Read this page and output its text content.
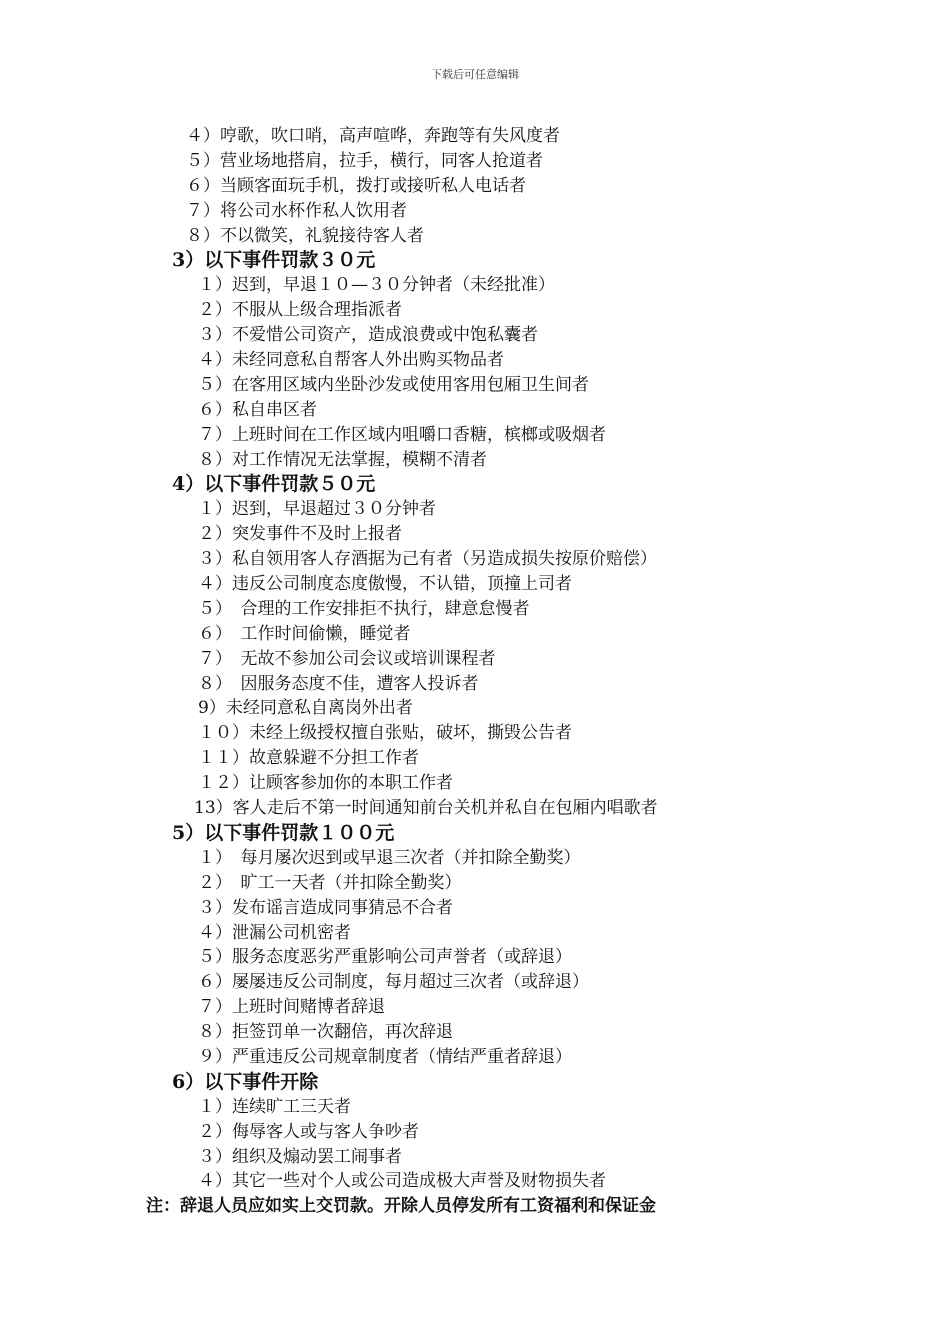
下载后可任意编辑
４）哼歌，吹口哨，高声喧哗，奔跑等有失风度者
５）营业场地搭肩，拉手，横行，同客人抢道者
６）当顾客面玩手机，拨打或接听私人电话者
７）将公司水杯作私人饮用者
８）不以微笑，礼貌接待客人者
3）以下事件罚款３０元
１）迟到，早退１０—３０分钟者（未经批准）
２）不服从上级合理指派者
３）不爱惜公司资产，造成浪费或中饱私囊者
４）未经同意私自帮客人外出购买物品者
５）在客用区域内坐卧沙发或使用客用包厢卫生间者
６）私自串区者
７）上班时间在工作区域内咀嚼口香糖，槟榔或吸烟者
８）对工作情况无法掌握，模糊不清者
4）以下事件罚款５０元
１）迟到，早退超过３０分钟者
２）突发事件不及时上报者
３）私自领用客人存酒据为己有者（另造成损失按原价赔偿）
４）违反公司制度态度傲慢，不认错，顶撞上司者
５）　合理的工作安排拒不执行，肆意怠慢者
６）　工作时间偷懒，睡觉者
７）　无故不参加公司会议或培训课程者
８）　因服务态度不佳，遭客人投诉者
9）未经同意私自离岗外出者
１０）未经上级授权擅自张贴，破坏，撕毁公告者
１１）故意躲避不分担工作者
１２）让顾客参加你的本职工作者
13）客人走后不第一时间通知前台关机并私自在包厢内唱歌者
5）以下事件罚款１００元
１）　每月屡次迟到或早退三次者（并扣除全勤奖）
２）　旷工一天者（并扣除全勤奖）
３）发布谣言造成同事猜忌不合者
４）泄漏公司机密者
５）服务态度恶劣严重影响公司声誉者（或辞退）
６）屡屡违反公司制度，每月超过三次者（或辞退）
７）上班时间赌博者辞退
８）拒签罚单一次翻倍，再次辞退
９）严重违反公司规章制度者（情结严重者辞退）
6）以下事件开除
１）连续旷工三天者
２）侮辱客人或与客人争吵者
３）组织及煽动罢工闹事者
４）其它一些对个人或公司造成极大声誉及财物损失者
注：辞退人员应如实上交罚款。开除人员停发所有工资福利和保证金
